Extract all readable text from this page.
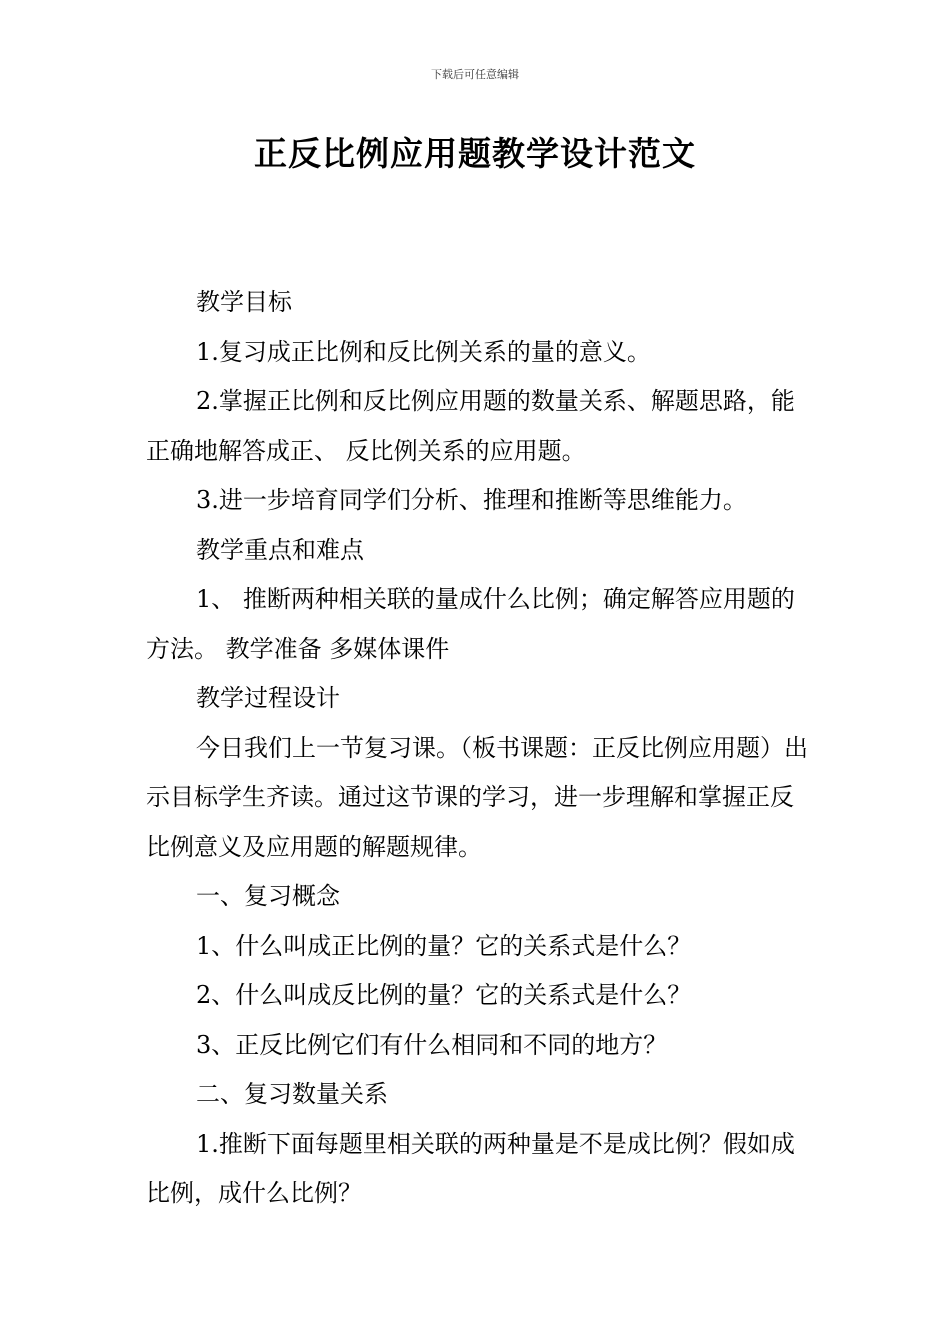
下载后可任意编辑
正反比例应用题教学设计范文

教学目标

1.复习成正比例和反比例关系的量的意义。

2.掌握正比例和反比例应用题的数量关系、解题思路，能正确地解答成正、 反比例关系的应用题。

3.进一步培育同学们分析、推理和推断等思维能力。

教学重点和难点

1、 推断两种相关联的量成什么比例；确定解答应用题的方法。 教学准备 多媒体课件

教学过程设计

今日我们上一节复习课。（板书课题：正反比例应用题）出示目标学生齐读。通过这节课的学习，进一步理解和掌握正反比例意义及应用题的解题规律。

一、复习概念

1、什么叫成正比例的量？它的关系式是什么？

2、什么叫成反比例的量？它的关系式是什么？

3、正反比例它们有什么相同和不同的地方？

二、复习数量关系

1.推断下面每题里相关联的两种量是不是成比例？假如成比例，成什么比例？
